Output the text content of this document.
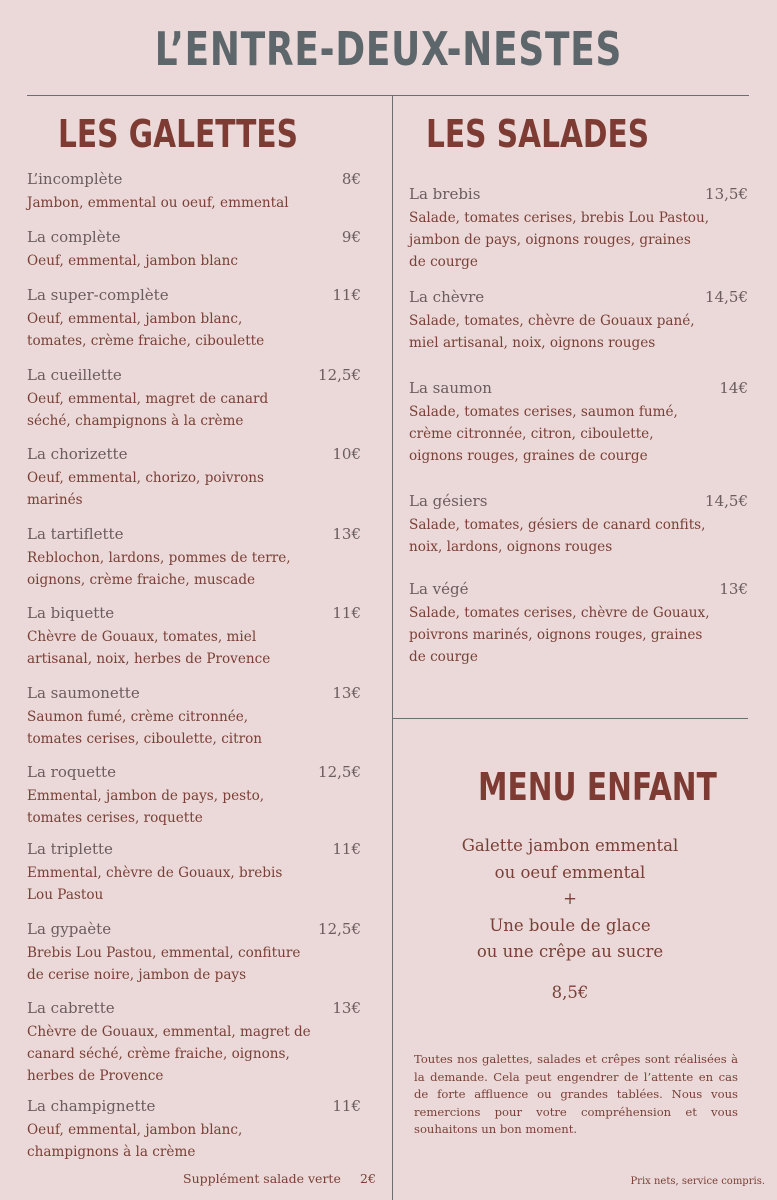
L’ENTRE-DEUX-NESTES
LES GALETTES	LES SALADES
MENU ENFANT
L’incomplète	8€
Jambon, emmental ou oeuf, emmental
La complète	9€
Oeuf, emmental, jambon blanc
La super-complète	11€
Oeuf, emmental, jambon blanc,
tomates, crème fraiche, ciboulette
La cueillette	12,5€
Oeuf, emmental, magret de canard
séché, champignons à la crème
La chorizette	10€
Oeuf, emmental, chorizo, poivrons
marinés
La tartiflette	13€
Reblochon, lardons, pommes de terre,
oignons, crème fraiche, muscade
La biquette	11€
Chèvre de Gouaux, tomates, miel
artisanal, noix, herbes de Provence
La saumonette	13€
Saumon fumé, crème citronnée,
tomates cerises, ciboulette, citron
La roquette	12,5€
Emmental, jambon de pays, pesto,
tomates cerises, roquette
La triplette	11€
Emmental, chèvre de Gouaux, brebis
Lou Pastou
La gypaète	12,5€
Brebis Lou Pastou, emmental, confiture
de cerise noire, jambon de pays
La cabrette	13€
Chèvre de Gouaux, emmental, magret de
canard séché, crème fraiche, oignons,
herbes de Provence
La champignette	11€
Oeuf, emmental, jambon blanc,
champignons à la crème
La brebis	13,5€
Salade, tomates cerises, brebis Lou Pastou,
jambon de pays, oignons rouges, graines
de courge
La chèvre	14,5€
Salade, tomates, chèvre de Gouaux pané,
miel artisanal, noix, oignons rouges
La saumon	14€
Salade, tomates cerises, saumon fumé,
crème citronnée, citron, ciboulette,
oignons rouges, graines de courge
La gésiers	14,5€
Salade, tomates, gésiers de canard confits,
noix, lardons, oignons rouges
La végé	13€
Salade, tomates cerises, chèvre de Gouaux,
poivrons marinés, oignons rouges, graines
de courge
Supplément salade verte 2€
Galette jambon emmental
ou oeuf emmental
+
Une boule de glace
ou une crêpe au sucre
8,5€
Toutes nos galettes, salades et crêpes sont réalisées à la demande. Cela peut engendrer de l’attente en cas de forte affluence ou grandes tablées. Nous vous remercions pour votre compréhension et vous souhaitons un bon moment.
Prix nets, service compris.
